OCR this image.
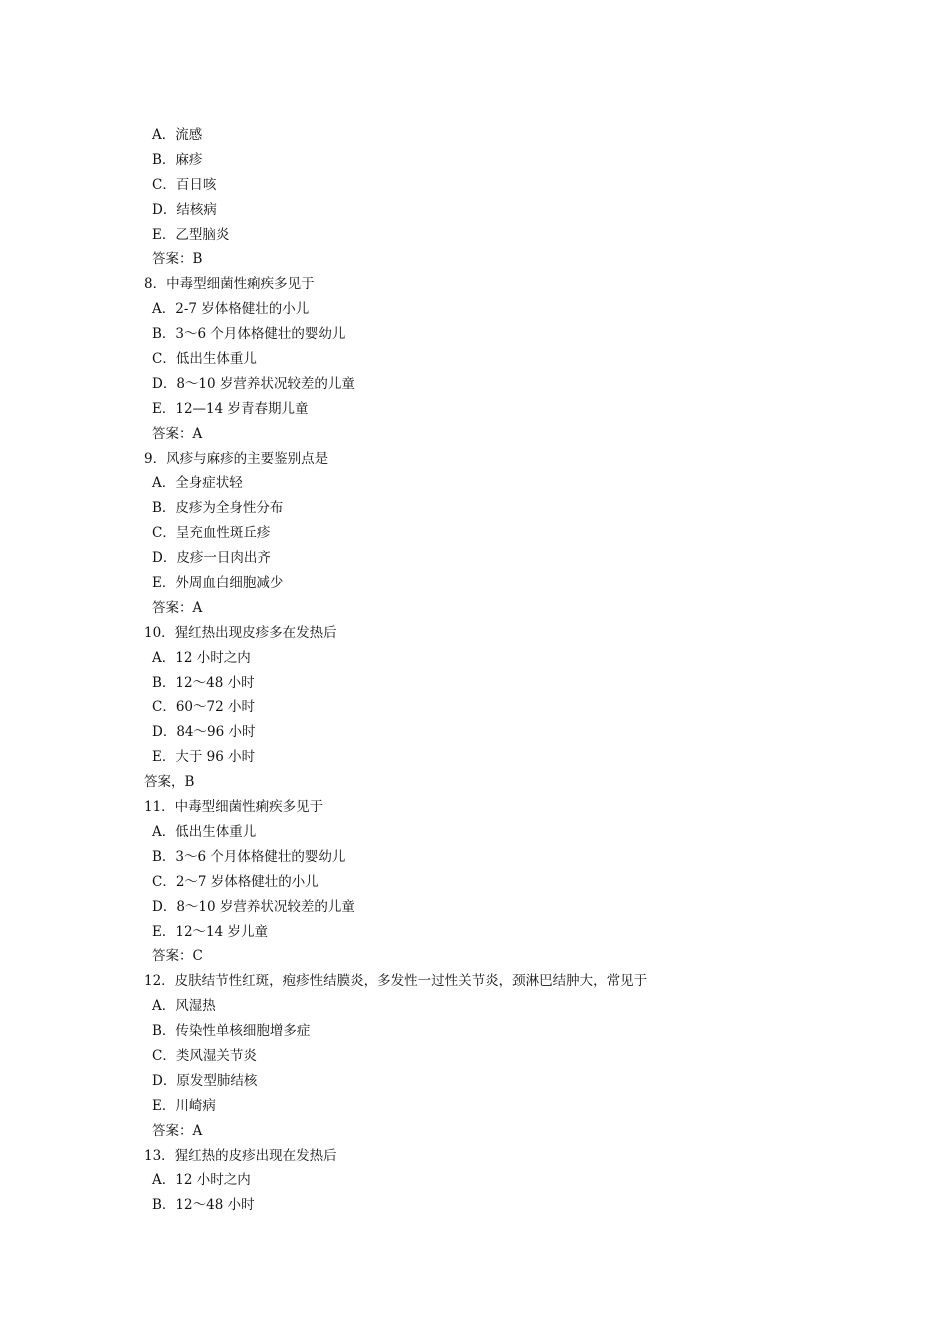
A．流感
B．麻疹
C．百日咳
D．结核病
E．乙型脑炎
答案：B
8．中毒型细菌性痢疾多见于
A．2-7 岁体格健壮的小儿
B．3～6 个月体格健壮的婴幼儿
C．低出生体重儿
D．8～10 岁营养状况较差的儿童
E．12—14 岁青春期儿童
答案：A
9．风疹与麻疹的主要鉴别点是
A．全身症状轻
B．皮疹为全身性分布
C．呈充血性斑丘疹
D．皮疹一日肉出齐
E．外周血白细胞减少
答案：A
10．猩红热出现皮疹多在发热后
A．12 小时之内
B．12～48 小时
C．60～72 小时
D．84～96 小时
E．大于 96 小时
答案，B
11．中毒型细菌性痢疾多见于
A．低出生体重儿
B．3～6 个月体格健壮的婴幼儿
C．2～7 岁体格健壮的小儿
D．8～10 岁营养状况较差的儿童
E．12～14 岁儿童
答案：C
12．皮肤结节性红斑，疱疹性结膜炎，多发性一过性关节炎，颈淋巴结肿大，常见于
A．风湿热
B．传染性单核细胞增多症
C．类风湿关节炎
D．原发型肺结核
E．川崎病
答案：A
13．猩红热的皮疹出现在发热后
A．12 小时之内
B．12～48 小时
